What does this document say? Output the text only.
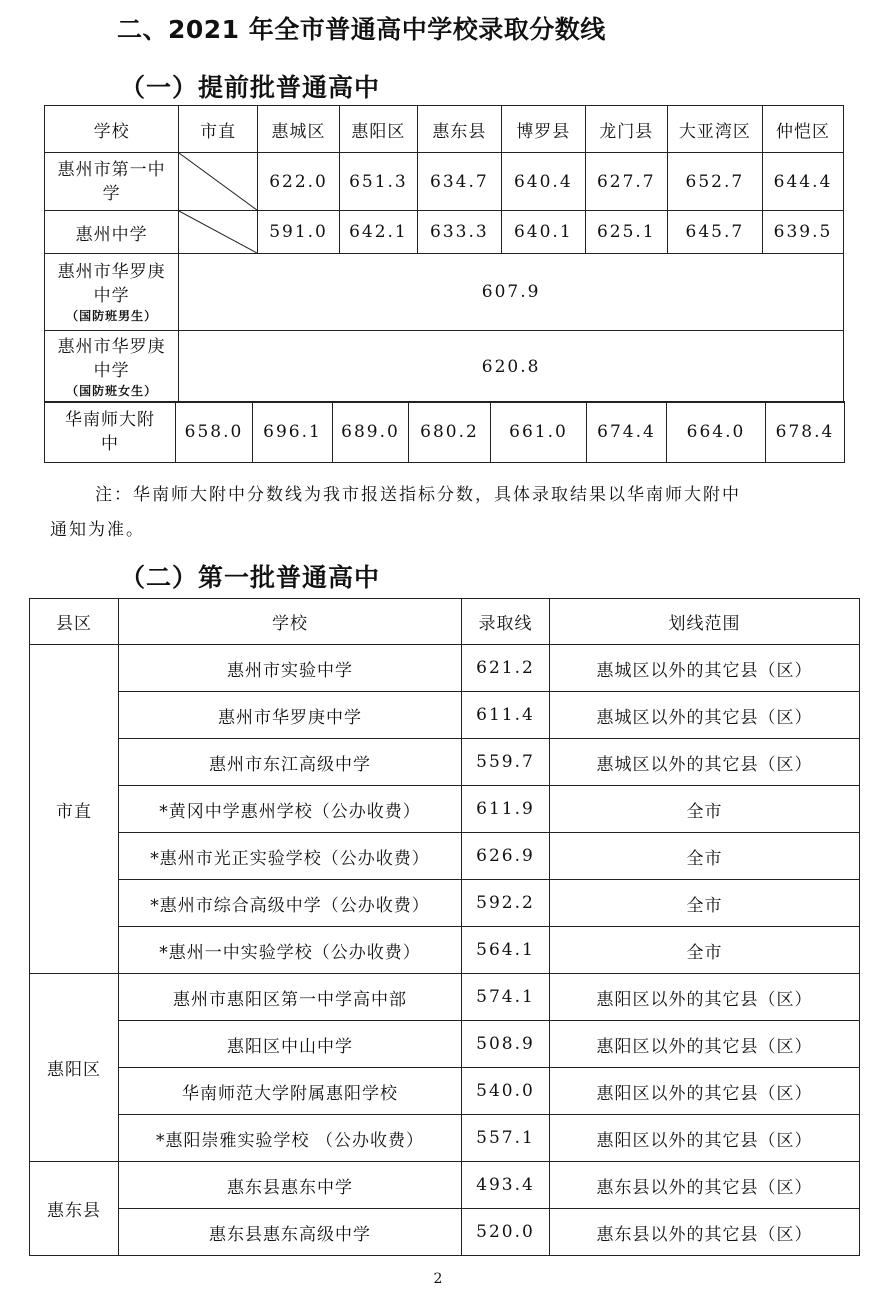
二、2021 年全市普通高中学校录取分数线
（一）提前批普通高中
学校	市直	惠城区	惠阳区	惠东县	博罗县	龙门县	大亚湾区	仲恺区
惠州市第一中学		622.0	651.3	634.7	640.4	627.7	652.7	644.4
惠州中学		591.0	642.1	633.3	640.1	625.1	645.7	639.5
惠州市华罗庚中学
（国防班男生）	607.9							
惠州市华罗庚中学
（国防班女生）	620.8							
华南师大附中	658.0	696.1	689.0	680.2	661.0	674.4	664.0	678.4
注：华南师大附中分数线为我市报送指标分数，具体录取结果以华南师大附中
通知为准。
（二）第一批普通高中
县区	学校	录取线	划线范围
市直	惠州市实验中学	621.2	惠城区以外的其它县（区）
	惠州市华罗庚中学	611.4	惠城区以外的其它县（区）
	惠州市东江高级中学	559.7	惠城区以外的其它县（区）
	*黄冈中学惠州学校（公办收费）	611.9	全市
	*惠州市光正实验学校（公办收费）	626.9	全市
	*惠州市综合高级中学（公办收费）	592.2	全市
	*惠州一中实验学校（公办收费）	564.1	全市
惠阳区	惠州市惠阳区第一中学高中部	574.1	惠阳区以外的其它县（区）
	惠阳区中山中学	508.9	惠阳区以外的其它县（区）
	华南师范大学附属惠阳学校	540.0	惠阳区以外的其它县（区）
	*惠阳崇雅实验学校 （公办收费）	557.1	惠阳区以外的其它县（区）
惠东县	惠东县惠东中学	493.4	惠东县以外的其它县（区）
	惠东县惠东高级中学	520.0	惠东县以外的其它县（区）
2
